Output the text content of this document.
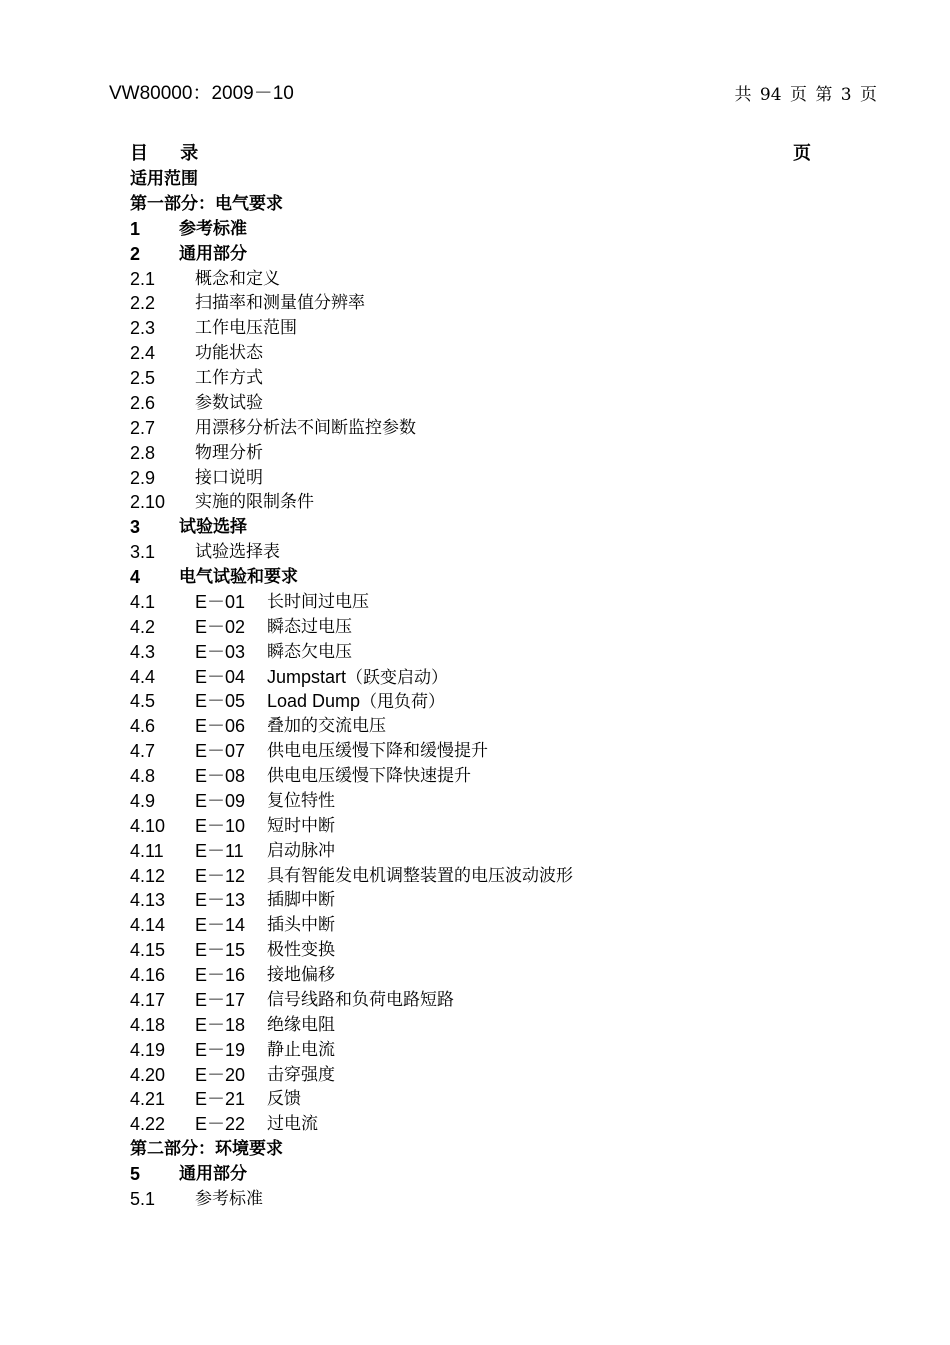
VW80000：2009－10	共 94 页 第 3 页
目 录	页
适用范围
第一部分：电气要求
1 参考标准
2 通用部分
2.1 概念和定义
2.2 扫描率和测量值分辨率
2.3 工作电压范围
2.4 功能状态
2.5 工作方式
2.6 参数试验
2.7 用漂移分析法不间断监控参数
2.8 物理分析
2.9 接口说明
2.10 实施的限制条件
3 试验选择
3.1 试验选择表
4 电气试验和要求
4.1 E－01 长时间过电压
4.2 E－02 瞬态过电压
4.3 E－03 瞬态欠电压
4.4 E－04 Jumpstart（跃变启动）
4.5 E－05 Load Dump（甩负荷）
4.6 E－06 叠加的交流电压
4.7 E－07 供电电压缓慢下降和缓慢提升
4.8 E－08 供电电压缓慢下降快速提升
4.9 E－09 复位特性
4.10 E－10 短时中断
4.11 E－11 启动脉冲
4.12 E－12 具有智能发电机调整装置的电压波动波形
4.13 E－13 插脚中断
4.14 E－14 插头中断
4.15 E－15 极性变换
4.16 E－16 接地偏移
4.17 E－17 信号线路和负荷电路短路
4.18 E－18 绝缘电阻
4.19 E－19 静止电流
4.20 E－20 击穿强度
4.21 E－21 反馈
4.22 E－22 过电流
第二部分：环境要求
5 通用部分
5.1 参考标准
